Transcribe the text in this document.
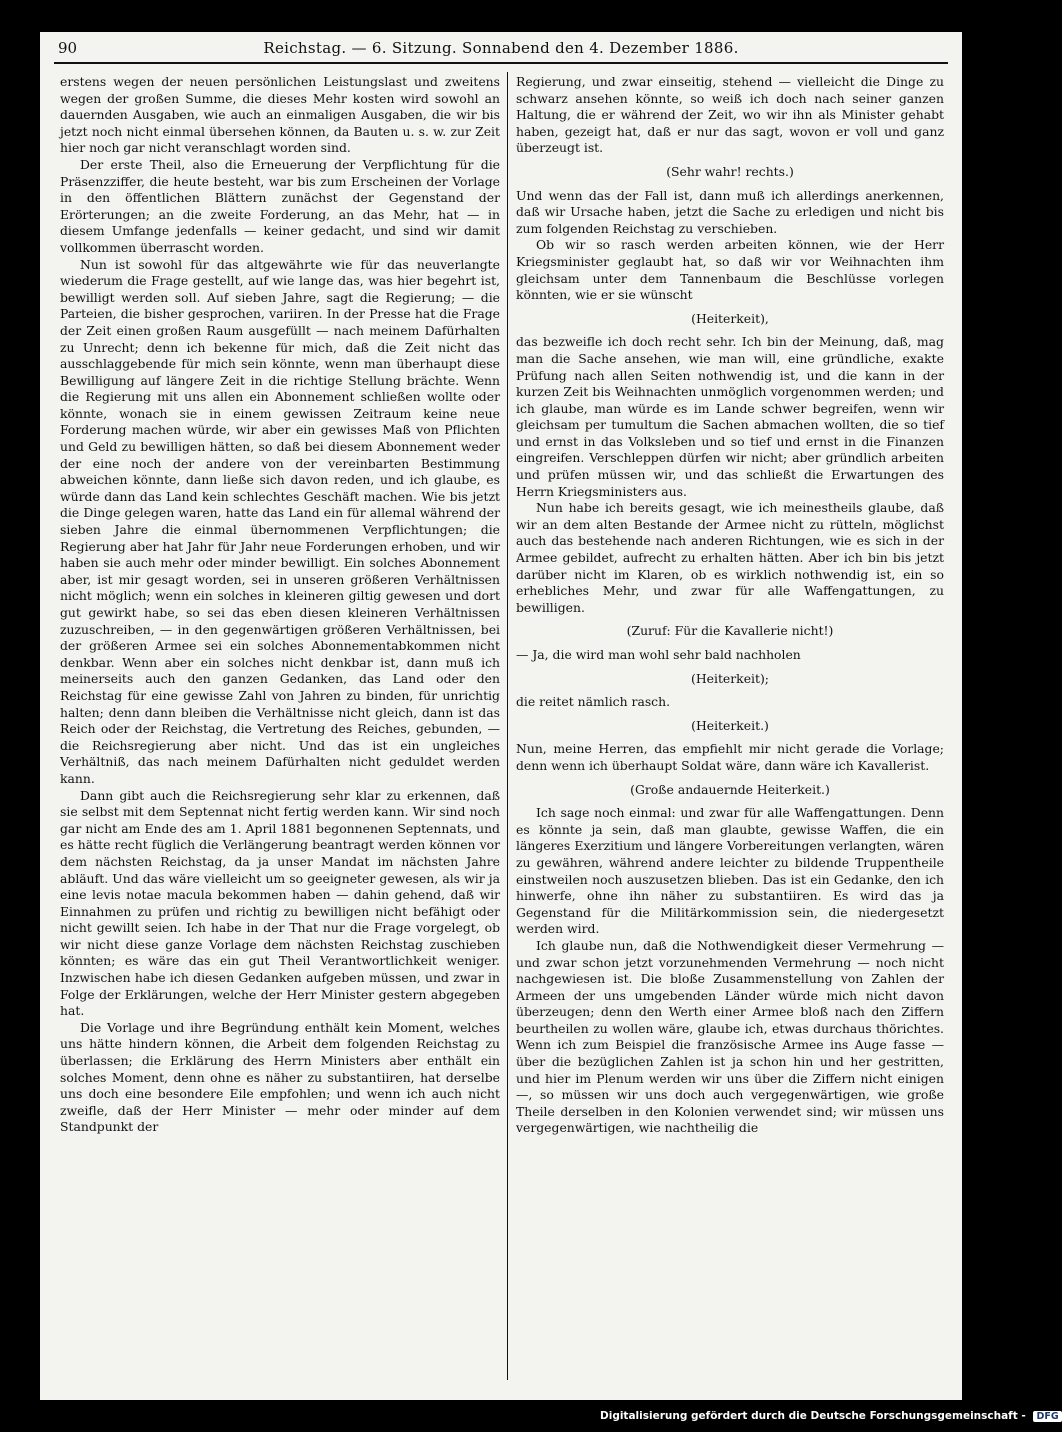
90	Reichstag. — 6. Sitzung. Sonnabend den 4. Dezember 1886.

erstens wegen der neuen persönlichen Leistungslast und zweitens wegen der großen Summe, die dieses Mehr kosten wird sowohl an dauernden Ausgaben, wie auch an einmaligen Ausgaben, die wir bis jetzt noch nicht einmal übersehen können, da Bauten u. s. w. zur Zeit hier noch gar nicht veranschlagt worden sind.

Der erste Theil, also die Erneuerung der Verpflichtung für die Präsenzziffer, die heute besteht, war bis zum Erscheinen der Vorlage in den öffentlichen Blättern zunächst der Gegenstand der Erörterungen; an die zweite Forderung, an das Mehr, hat — in diesem Umfange jedenfalls — keiner gedacht, und sind wir damit vollkommen überrascht worden.

Nun ist sowohl für das altgewährte wie für das neuverlangte wiederum die Frage gestellt, auf wie lange das, was hier begehrt ist, bewilligt werden soll. Auf sieben Jahre, sagt die Regierung; — die Parteien, die bisher gesprochen, variiren. In der Presse hat die Frage der Zeit einen großen Raum ausgefüllt — nach meinem Dafürhalten zu Unrecht; denn ich bekenne für mich, daß die Zeit nicht das ausschlaggebende für mich sein könnte, wenn man überhaupt diese Bewilligung auf längere Zeit in die richtige Stellung brächte. Wenn die Regierung mit uns allen ein Abonnement schließen wollte oder könnte, wonach sie in einem gewissen Zeitraum keine neue Forderung machen würde, wir aber ein gewisses Maß von Pflichten und Geld zu bewilligen hätten, so daß bei diesem Abonnement weder der eine noch der andere von der vereinbarten Bestimmung abweichen könnte, dann ließe sich davon reden, und ich glaube, es würde dann das Land kein schlechtes Geschäft machen. Wie bis jetzt die Dinge gelegen waren, hatte das Land ein für allemal während der sieben Jahre die einmal übernommenen Verpflichtungen; die Regierung aber hat Jahr für Jahr neue Forderungen erhoben, und wir haben sie auch mehr oder minder bewilligt. Ein solches Abonnement aber, ist mir gesagt worden, sei in unseren größeren Verhältnissen nicht möglich; wenn ein solches in kleineren giltig gewesen und dort gut gewirkt habe, so sei das eben diesen kleineren Verhältnissen zuzuschreiben, — in den gegenwärtigen größeren Verhältnissen, bei der größeren Armee sei ein solches Abonnementabkommen nicht denkbar. Wenn aber ein solches nicht denkbar ist, dann muß ich meinerseits auch den ganzen Gedanken, das Land oder den Reichstag für eine gewisse Zahl von Jahren zu binden, für unrichtig halten; denn dann bleiben die Verhältnisse nicht gleich, dann ist das Reich oder der Reichstag, die Vertretung des Reiches, gebunden, — die Reichsregierung aber nicht. Und das ist ein ungleiches Verhältniß, das nach meinem Dafürhalten nicht geduldet werden kann.

Dann gibt auch die Reichsregierung sehr klar zu erkennen, daß sie selbst mit dem Septennat nicht fertig werden kann. Wir sind noch gar nicht am Ende des am 1. April 1881 begonnenen Septennats, und es hätte recht füglich die Verlängerung beantragt werden können vor dem nächsten Reichstag, da ja unser Mandat im nächsten Jahre abläuft. Und das wäre vielleicht um so geeigneter gewesen, als wir ja eine levis notae macula bekommen haben — dahin gehend, daß wir Einnahmen zu prüfen und richtig zu bewilligen nicht befähigt oder nicht gewillt seien. Ich habe in der That nur die Frage vorgelegt, ob wir nicht diese ganze Vorlage dem nächsten Reichstag zuschieben könnten; es wäre das ein gut Theil Verantwortlichkeit weniger. Inzwischen habe ich diesen Gedanken aufgeben müssen, und zwar in Folge der Erklärungen, welche der Herr Minister gestern abgegeben hat.

Die Vorlage und ihre Begründung enthält kein Moment, welches uns hätte hindern können, die Arbeit dem folgenden Reichstag zu überlassen; die Erklärung des Herrn Ministers aber enthält ein solches Moment, denn ohne es näher zu substantiiren, hat derselbe uns doch eine besondere Eile empfohlen; und wenn ich auch nicht zweifle, daß der Herr Minister — mehr oder minder auf dem Standpunkt der

Regierung, und zwar einseitig, stehend — vielleicht die Dinge zu schwarz ansehen könnte, so weiß ich doch nach seiner ganzen Haltung, die er während der Zeit, wo wir ihn als Minister gehabt haben, gezeigt hat, daß er nur das sagt, wovon er voll und ganz überzeugt ist.

(Sehr wahr! rechts.)

Und wenn das der Fall ist, dann muß ich allerdings anerkennen, daß wir Ursache haben, jetzt die Sache zu erledigen und nicht bis zum folgenden Reichstag zu verschieben.

Ob wir so rasch werden arbeiten können, wie der Herr Kriegsminister geglaubt hat, so daß wir vor Weihnachten ihm gleichsam unter dem Tannenbaum die Beschlüsse vorlegen könnten, wie er sie wünscht

(Heiterkeit),

das bezweifle ich doch recht sehr. Ich bin der Meinung, daß, mag man die Sache ansehen, wie man will, eine gründliche, exakte Prüfung nach allen Seiten nothwendig ist, und die kann in der kurzen Zeit bis Weihnachten unmöglich vorgenommen werden; und ich glaube, man würde es im Lande schwer begreifen, wenn wir gleichsam per tumultum die Sachen abmachen wollten, die so tief und ernst in das Volksleben und so tief und ernst in die Finanzen eingreifen. Verschleppen dürfen wir nicht; aber gründlich arbeiten und prüfen müssen wir, und das schließt die Erwartungen des Herrn Kriegsministers aus.

Nun habe ich bereits gesagt, wie ich meinestheils glaube, daß wir an dem alten Bestande der Armee nicht zu rütteln, möglichst auch das bestehende nach anderen Richtungen, wie es sich in der Armee gebildet, aufrecht zu erhalten hätten. Aber ich bin bis jetzt darüber nicht im Klaren, ob es wirklich nothwendig ist, ein so erhebliches Mehr, und zwar für alle Waffengattungen, zu bewilligen.

(Zuruf: Für die Kavallerie nicht!)

— Ja, die wird man wohl sehr bald nachholen

(Heiterkeit);

die reitet nämlich rasch.

(Heiterkeit.)

Nun, meine Herren, das empfiehlt mir nicht gerade die Vorlage; denn wenn ich überhaupt Soldat wäre, dann wäre ich Kavallerist.

(Große andauernde Heiterkeit.)

Ich sage noch einmal: und zwar für alle Waffengattungen. Denn es könnte ja sein, daß man glaubte, gewisse Waffen, die ein längeres Exerzitium und längere Vorbereitungen verlangten, wären zu gewähren, während andere leichter zu bildende Truppentheile einstweilen noch auszusetzen blieben. Das ist ein Gedanke, den ich hinwerfe, ohne ihn näher zu substantiiren. Es wird das ja Gegenstand für die Militärkommission sein, die niedergesetzt werden wird.

Ich glaube nun, daß die Nothwendigkeit dieser Vermehrung — und zwar schon jetzt vorzunehmenden Vermehrung — noch nicht nachgewiesen ist. Die bloße Zusammenstellung von Zahlen der Armeen der uns umgebenden Länder würde mich nicht davon überzeugen; denn den Werth einer Armee bloß nach den Ziffern beurtheilen zu wollen wäre, glaube ich, etwas durchaus thörichtes. Wenn ich zum Beispiel die französische Armee ins Auge fasse — über die bezüglichen Zahlen ist ja schon hin und her gestritten, und hier im Plenum werden wir uns über die Ziffern nicht einigen —, so müssen wir uns doch auch vergegenwärtigen, wie große Theile derselben in den Kolonien verwendet sind; wir müssen uns vergegenwärtigen, wie nachtheilig die

Digitalisierung gefördert durch die Deutsche Forschungsgemeinschaft - DFG
